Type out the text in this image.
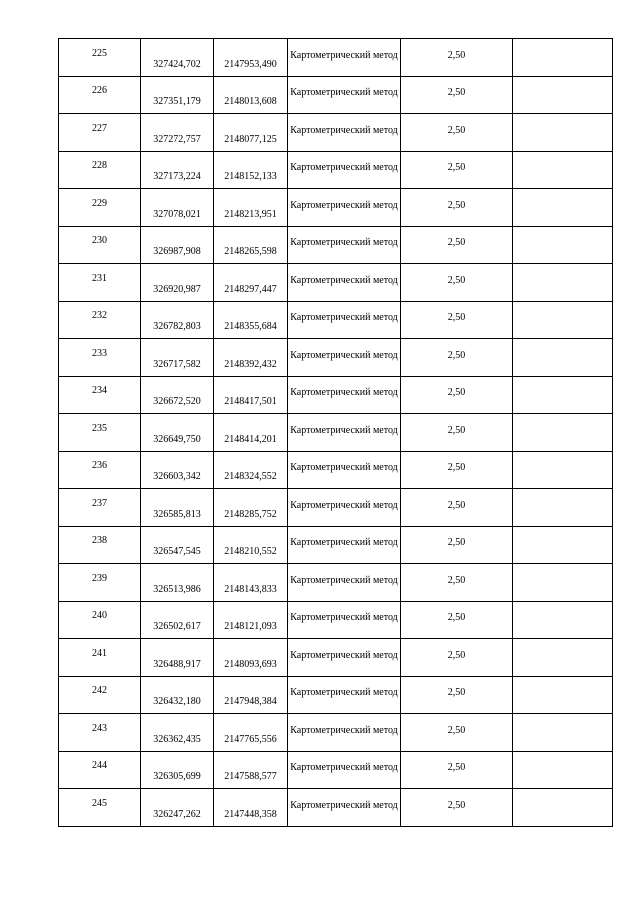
225	327424,702	2147953,490	Картометрический метод	2,50	
226	327351,179	2148013,608	Картометрический метод	2,50	
227	327272,757	2148077,125	Картометрический метод	2,50	
228	327173,224	2148152,133	Картометрический метод	2,50	
229	327078,021	2148213,951	Картометрический метод	2,50	
230	326987,908	2148265,598	Картометрический метод	2,50	
231	326920,987	2148297,447	Картометрический метод	2,50	
232	326782,803	2148355,684	Картометрический метод	2,50	
233	326717,582	2148392,432	Картометрический метод	2,50	
234	326672,520	2148417,501	Картометрический метод	2,50	
235	326649,750	2148414,201	Картометрический метод	2,50	
236	326603,342	2148324,552	Картометрический метод	2,50	
237	326585,813	2148285,752	Картометрический метод	2,50	
238	326547,545	2148210,552	Картометрический метод	2,50	
239	326513,986	2148143,833	Картометрический метод	2,50	
240	326502,617	2148121,093	Картометрический метод	2,50	
241	326488,917	2148093,693	Картометрический метод	2,50	
242	326432,180	2147948,384	Картометрический метод	2,50	
243	326362,435	2147765,556	Картометрический метод	2,50	
244	326305,699	2147588,577	Картометрический метод	2,50	
245	326247,262	2147448,358	Картометрический метод	2,50	
